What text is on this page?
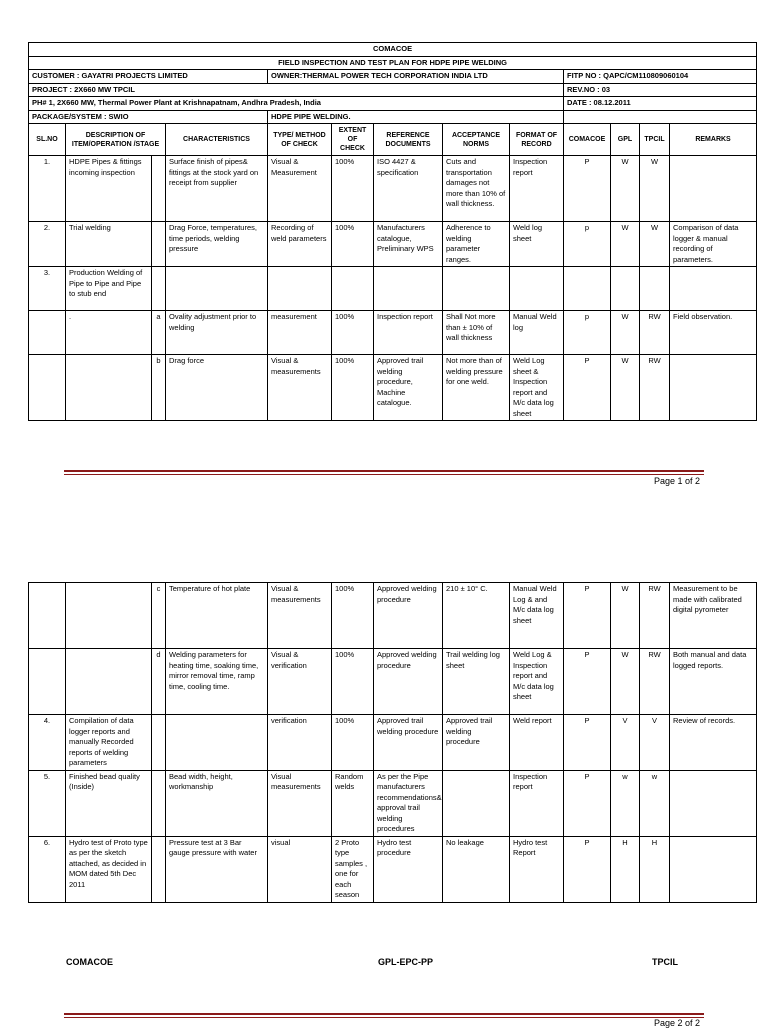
COMACOE												
FIELD INSPECTION AND TEST PLAN FOR HDPE PIPE WELDING												
CUSTOMER : GAYATRI PROJECTS LIMITED				OWNER:THERMAL POWER TECH CORPORATION INDIA LTD					FITP NO : QAPC/CM110809060104			
PROJECT : 2X660 MW TPCIL									REV.NO : 03			
PH# 1, 2X660 MW, Thermal Power Plant at Krishnapatnam, Andhra Pradesh, India									DATE : 08.12.2011			
PACKAGE/SYSTEM : SWIO				HDPE PIPE WELDING.								
SL.NO	DESCRIPTION OF ITEM/OPERATION /STAGE		CHARACTERISTICS	TYPE/ METHOD OF CHECK	EXTENT OF CHECK	REFERENCE DOCUMENTS	ACCEPTANCE NORMS	FORMAT OF RECORD	COMACOE	GPL	TPCIL	REMARKS
1.	HDPE Pipes & fittings incoming inspection		Surface finish of pipes& fittings at the stock yard on receipt from supplier	Visual & Measurement	100%	ISO 4427 & specification	Cuts and transportation damages not more than 10% of wall thickness.	Inspection report	P	W	W	
2.	Trial welding		Drag Force, temperatures, time periods, welding pressure	Recording of weld parameters	100%	Manufacturers catalogue, Preliminary WPS	Adherence to welding parameter ranges.	Weld log sheet	p	W	W	Comparison of data logger & manual recording of parameters.
3.	Production Welding of Pipe to Pipe and Pipe to stub end											
	.	a	Ovality adjustment prior to welding	measurement	100%	Inspection report	Shall Not more than ± 10% of wall thickness	Manual Weld log	p	W	RW	Field observation.
		b	Drag force	Visual & measurements	100%	Approved trail welding procedure, Machine catalogue.	Not more than of welding pressure for one weld.	Weld Log sheet & Inspection report and M/c data log sheet	P	W	RW	
Page 1 of 2
		c	Temperature of hot plate	Visual & measurements	100%	Approved welding procedure	210 ± 10° C.	Manual Weld Log & and M/c data log sheet	P	W	RW	Measurement to be made with calibrated digital pyrometer
		d	Welding parameters for heating time, soaking time, mirror removal time, ramp time, cooling time.	Visual & verification	100%	Approved welding procedure	Trail welding log sheet	Weld Log & Inspection report and M/c data log sheet	P	W	RW	Both manual and data logged reports.
4.	Compilation of data logger reports and manually Recorded reports of welding parameters			verification	100%	Approved trail welding procedure	Approved trail welding procedure	Weld report	P	V	V	Review of records.
5.	Finished bead quality (Inside)		Bead width, height, workmanship	Visual measurements	Random welds	As per the Pipe manufacturers recommendations& approval trail welding procedures		Inspection report	P	w	w	
6.	Hydro test of Proto type as per the sketch attached, as decided in MOM dated 5th Dec 2011		Pressure test at 3 Bar gauge pressure with water	visual	2 Proto type samples , one for each season	Hydro test procedure	No leakage	Hydro test Report	P	H	H	
COMACOE	GPL-EPC-PP	TPCIL
Page 2 of 2
